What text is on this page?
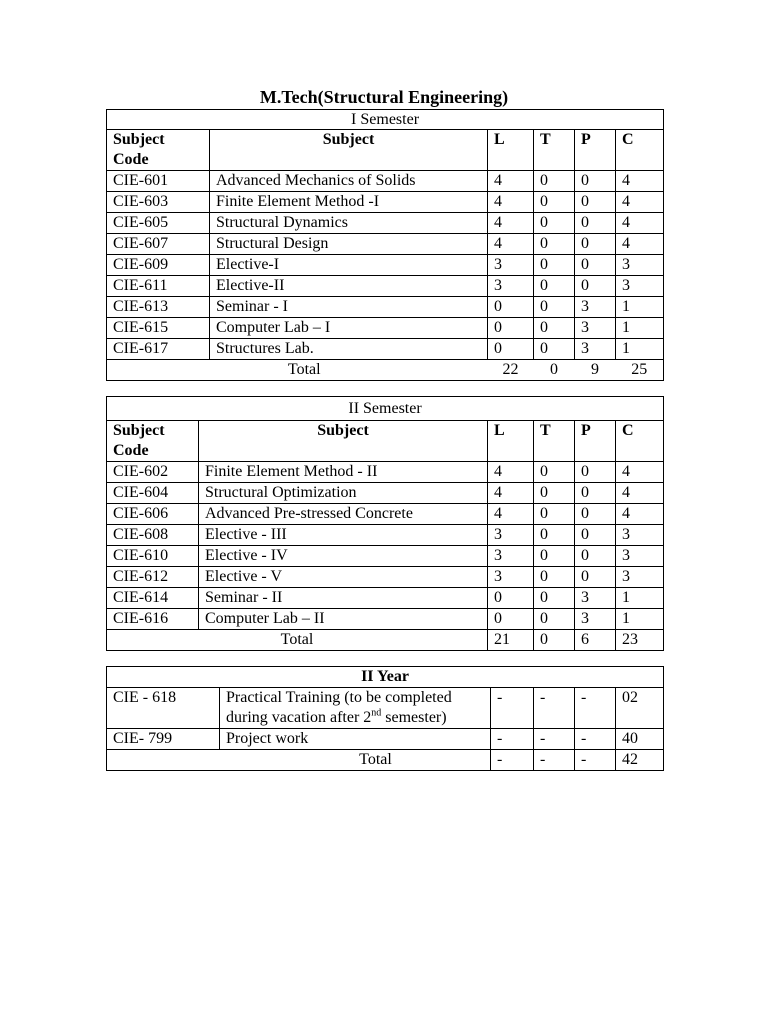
M.Tech(Structural Engineering)
I Semester					
Subject Code	Subject	L	T	P	C
CIE-601	Advanced Mechanics of Solids	4	0	0	4
CIE-603	Finite Element Method -I	4	0	0	4
CIE-605	Structural Dynamics	4	0	0	4
CIE-607	Structural Design	4	0	0	4
CIE-609	Elective-I	3	0	0	3
CIE-611	Elective-II	3	0	0	3
CIE-613	Seminar - I	0	0	3	1
CIE-615	Computer Lab – I	0	0	3	1
CIE-617	Structures Lab.	0	0	3	1
Total		22	0	9	25
II Semester					
Subject Code	Subject	L	T	P	C
CIE-602	Finite Element Method - II	4	0	0	4
CIE-604	Structural Optimization	4	0	0	4
CIE-606	Advanced Pre-stressed Concrete	4	0	0	4
CIE-608	Elective - III	3	0	0	3
CIE-610	Elective - IV	3	0	0	3
CIE-612	Elective - V	3	0	0	3
CIE-614	Seminar - II	0	0	3	1
CIE-616	Computer Lab – II	0	0	3	1
Total		21	0	6	23
II Year					
CIE - 618	Practical Training (to be completed
during vacation after 2nd semester)	-	-	-	02
CIE- 799	Project work	-	-	-	40
Total		-	-	-	42
